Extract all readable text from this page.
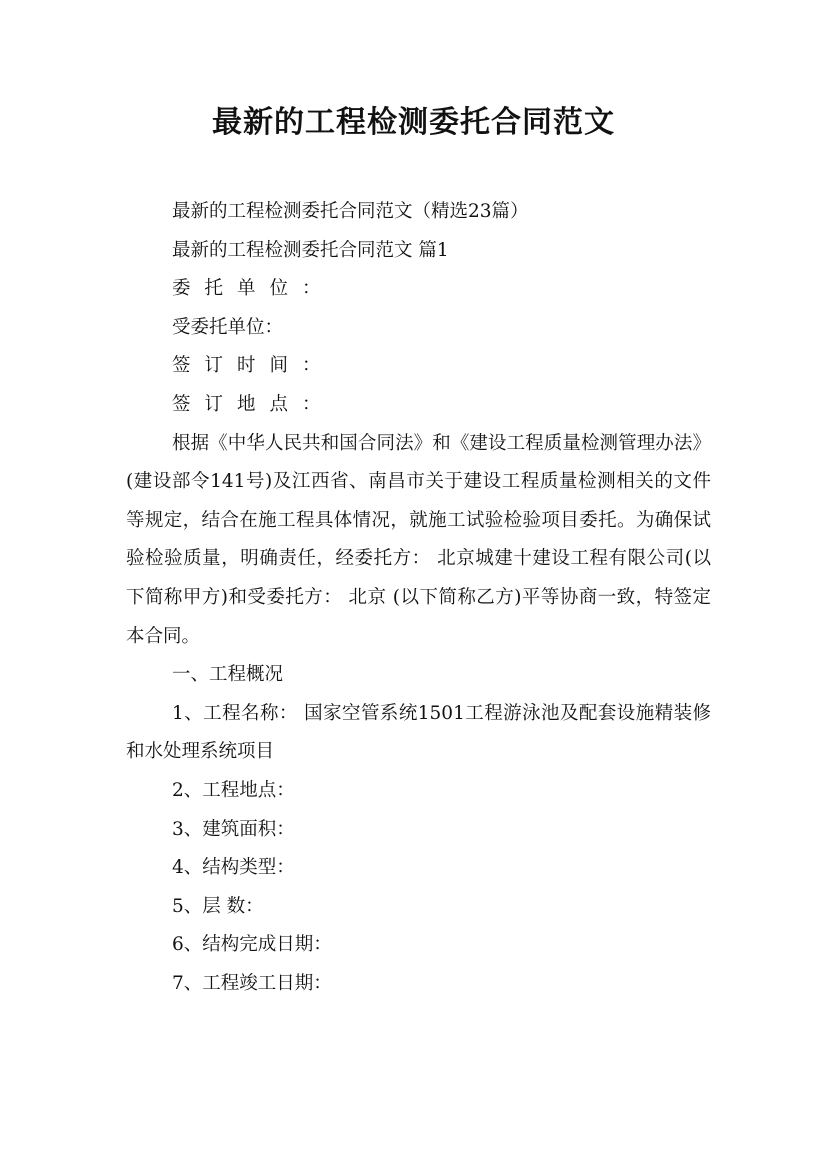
最新的工程检测委托合同范文

最新的工程检测委托合同范文（精选23篇）

最新的工程检测委托合同范文 篇1

委托单位：

受委托单位：

签订时间：

签订地点：

根据《中华人民共和国合同法》和《建设工程质量检测管理办法》(建设部令141号)及江西省、南昌市关于建设工程质量检测相关的文件等规定，结合在施工程具体情况，就施工试验检验项目委托。为确保试验检验质量，明确责任，经委托方： 北京城建十建设工程有限公司(以下简称甲方)和受委托方： 北京 (以下简称乙方)平等协商一致，特签定本合同。

一、工程概况

1、工程名称： 国家空管系统1501工程游泳池及配套设施精装修和水处理系统项目

2、工程地点：

3、建筑面积：

4、结构类型：

5、层 数：

6、结构完成日期：

7、工程竣工日期：
